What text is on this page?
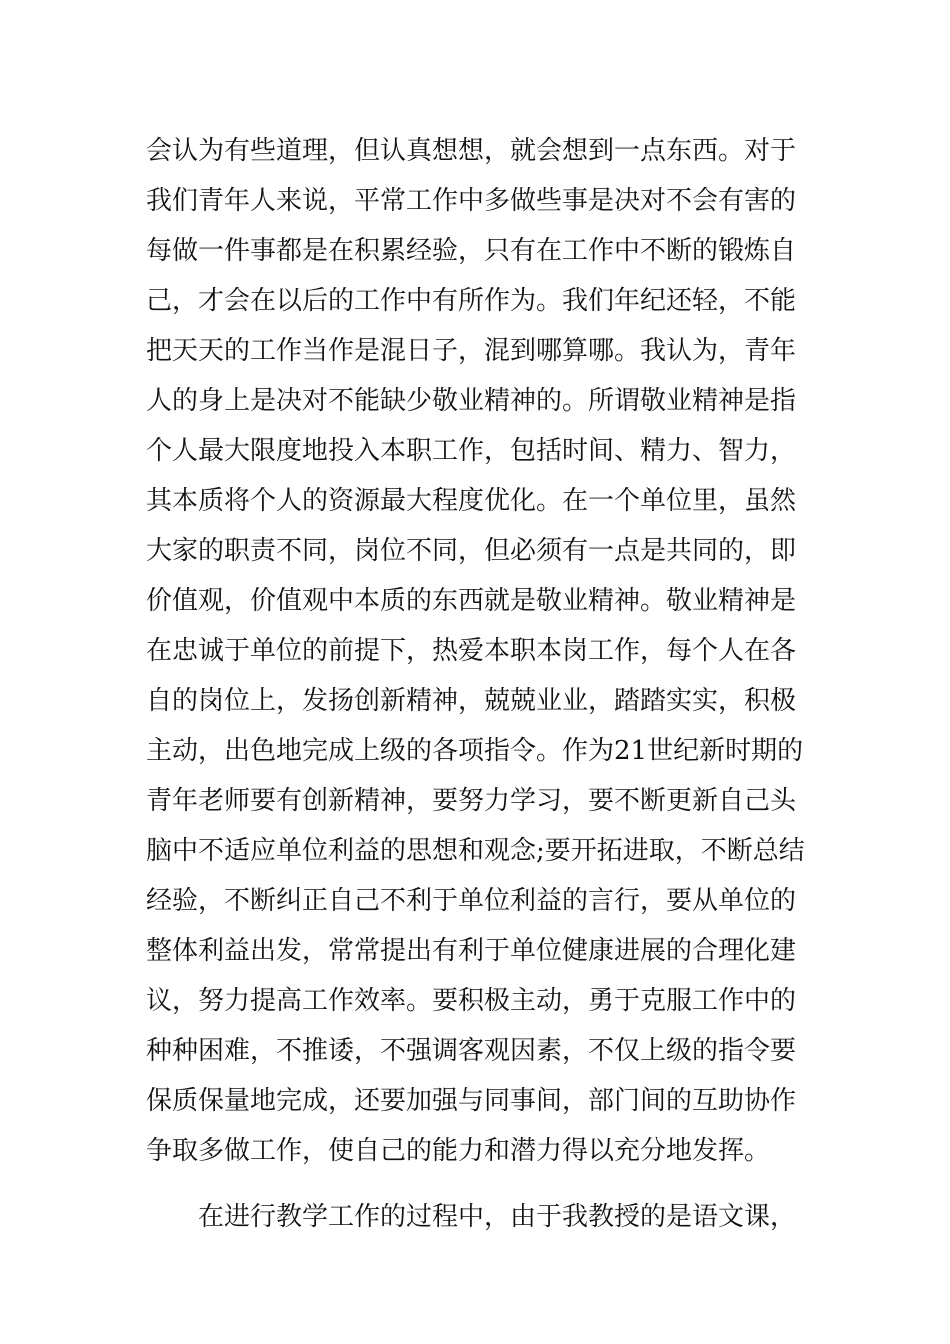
会认为有些道理，但认真想想，就会想到一点东西。对于
我们青年人来说，平常工作中多做些事是决对不会有害的
每做一件事都是在积累经验，只有在工作中不断的锻炼自
己，才会在以后的工作中有所作为。我们年纪还轻，不能
把天天的工作当作是混日子，混到哪算哪。我认为，青年
人的身上是决对不能缺少敬业精神的。所谓敬业精神是指
个人最大限度地投入本职工作，包括时间、精力、智力，
其本质将个人的资源最大程度优化。在一个单位里，虽然
大家的职责不同，岗位不同，但必须有一点是共同的，即
价值观，价值观中本质的东西就是敬业精神。敬业精神是
在忠诚于单位的前提下，热爱本职本岗工作，每个人在各
自的岗位上，发扬创新精神，兢兢业业，踏踏实实，积极
主动，出色地完成上级的各项指令。作为21世纪新时期的
青年老师要有创新精神，要努力学习，要不断更新自己头
脑中不适应单位利益的思想和观念;要开拓进取，不断总结
经验，不断纠正自己不利于单位利益的言行，要从单位的
整体利益出发，常常提出有利于单位健康进展的合理化建
议，努力提高工作效率。要积极主动，勇于克服工作中的
种种困难，不推诿，不强调客观因素，不仅上级的指令要
保质保量地完成，还要加强与同事间，部门间的互助协作
争取多做工作，使自己的能力和潜力得以充分地发挥。
在进行教学工作的过程中，由于我教授的是语文课，
